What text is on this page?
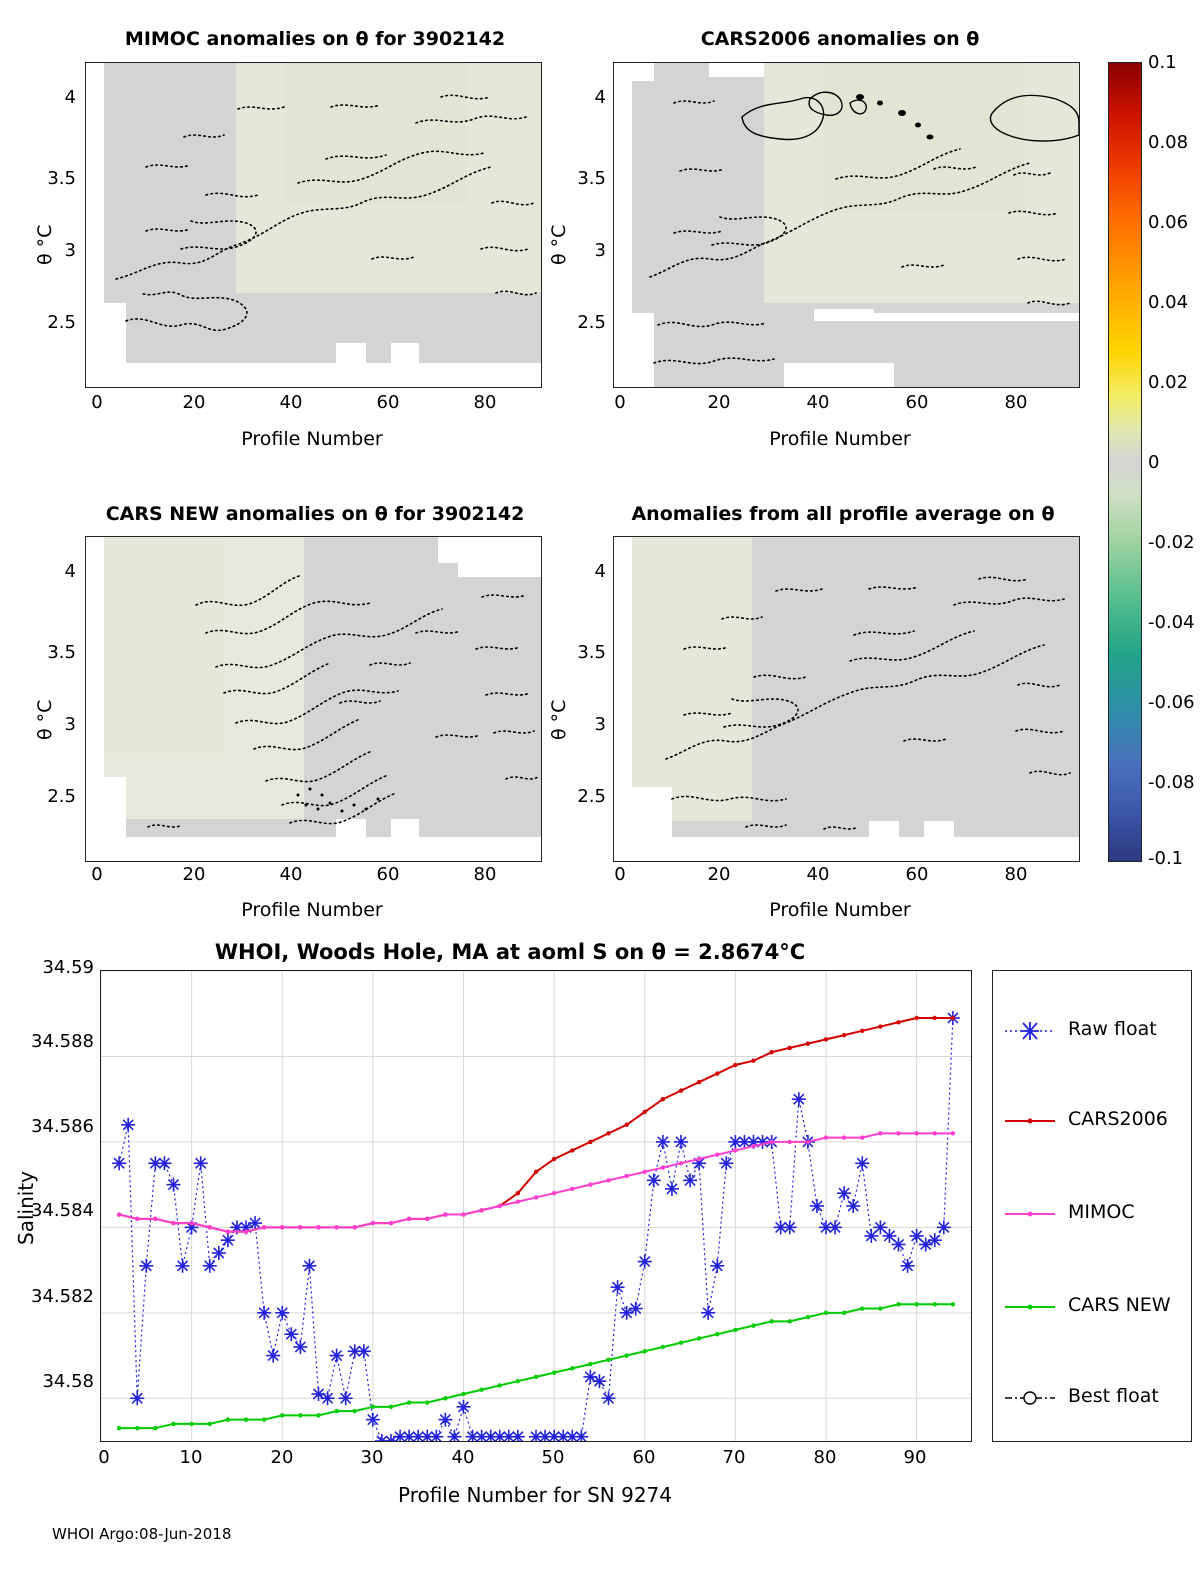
MIMOC anomalies on θ for 3902142
θ °C
Profile Number
0	20	40	60	80
2.5
3
3.5
4
CARS2006 anomalies on θ
θ °C
Profile Number
0	20	40	60	80
2.5
3
3.5
4
CARS NEW anomalies on θ for 3902142
θ °C
Profile Number
0	20	40	60	80
2.5
3
3.5
4
Anomalies from all profile average on θ
θ °C
Profile Number
0	20	40	60	80
2.5
3
3.5
4
0.1
0.08
0.06
0.04
0.02
0
-0.02
-0.04
-0.06
-0.08
-0.1
WHOI, Woods Hole, MA at aoml S on θ = 2.8674°C
Salinity
Profile Number for SN 9274
34.58
34.582
34.584
34.586
34.588
34.59
0	10	20	30	40	50	60	70	80	90
Raw float
CARS2006
MIMOC
CARS NEW
Best float
WHOI Argo:08-Jun-2018
